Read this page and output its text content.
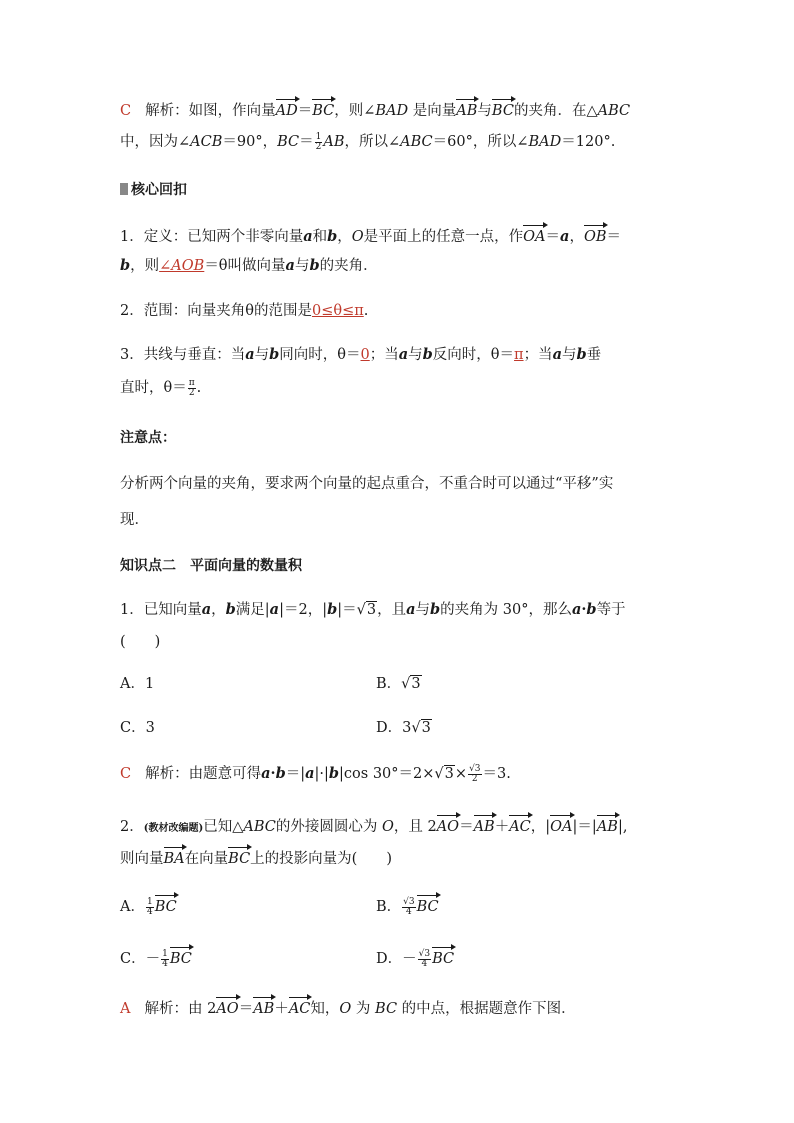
C 解析：如图，作向量AD＝BC，则∠BAD 是向量AB与BC的夹角．在△ABC
中，因为∠ACB＝90°，$BC= \frac{1}{2}$ AB，所以∠ABC＝60°，所以∠BAD＝120°.
核心回扣
1．定义：已知两个非零向量a和b，O是平面上的任意一点，作OA＝a，OB＝
b，则∠AOB＝θ叫做向量a与b的夹角．
2．范围：向量夹角θ的范围是0≤θ≤π.
3．共线与垂直：当a与b同向时，θ＝0；当a与b反向时，θ＝π；当a与b垂
直时，$\theta= \frac{\pi}{2}$ .
注意点：
分析两个向量的夹角，要求两个向量的起点重合，不重合时可以通过“平移”实
现．
知识点二　平面向量的数量积
1．已知向量a，b满足|a|＝2，|b|＝√3，且a与b的夹角为 30°，那么a·b等于
(　　)
A．1	B．√3
C．3	D．3√3
C 解析：由题意可得a·b＝|a|·|b|cos $30^\circ=2\times√3\times \frac{√3}{2} =3$.
2．(教材改编题)已知△ABC的外接圆圆心为 O，且 2AO＝AB＋AC，|OA|＝|AB|,
则向量BA在向量BC上的投影向量为(　　)
A． $\frac{1}{4}$ BC	B． $\frac{√3}{4}$ BC
C．－ $\frac{1}{4}$ BC	D．－ $\frac{√3}{4}$ BC
A 解析：由 2AO＝AB＋AC知，O 为 BC 的中点，根据题意作下图．
